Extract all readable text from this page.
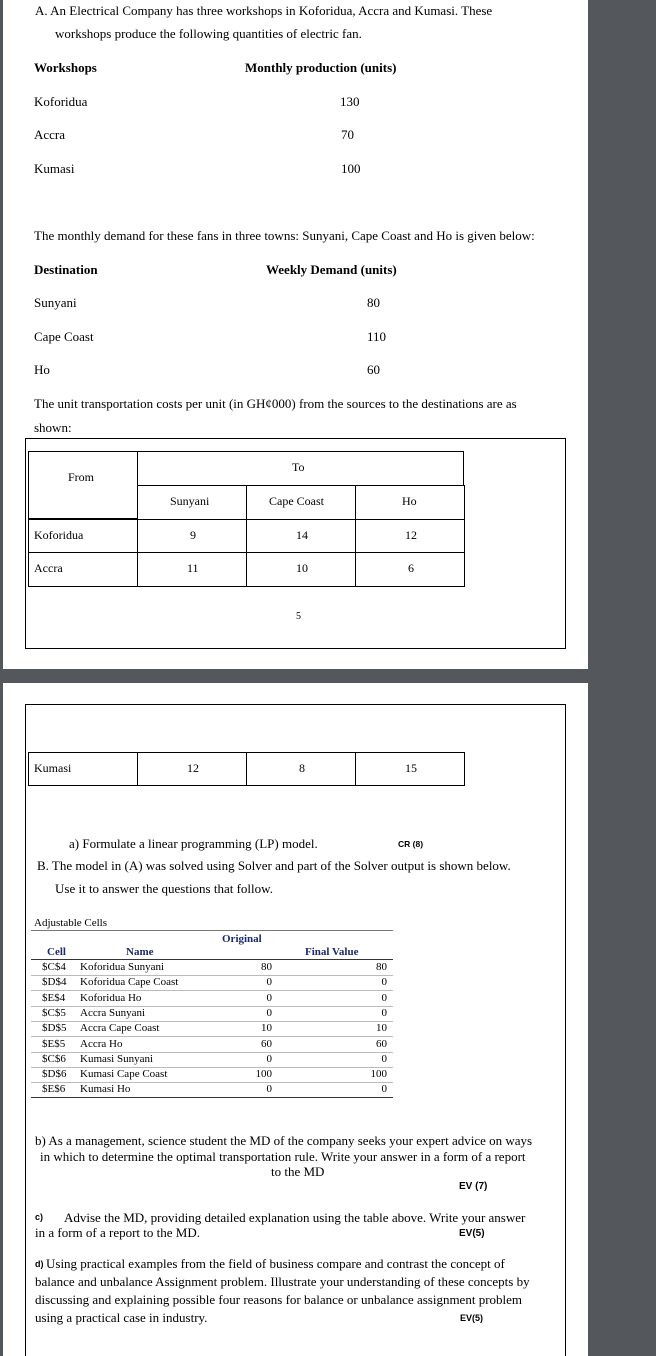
A. An Electrical Company has three workshops in Koforidua, Accra and Kumasi. These
workshops produce the following quantities of electric fan.
Workshops	Monthly production (units)
Koforidua	130
Accra	70
Kumasi	100
The monthly demand for these fans in three towns: Sunyani, Cape Coast and Ho is given below:
Destination	Weekly Demand (units)
Sunyani	80
Cape Coast	110
Ho	60
The unit transportation costs per unit (in GH¢000) from the sources to the destinations are as
shown:
From
To
Sunyani	Cape Coast	Ho
Koforidua	9	14	12
Accra	11	10	6
5
Kumasi	12	8	15
a) Formulate a linear programming (LP) model.	CR (8)
B. The model in (A) was solved using Solver and part of the Solver output is shown below.
Use it to answer the questions that follow.
Adjustable Cells
Original
Cell	Name	Final Value
$C$4 Koforidua Sunyani	80	80
$D$4 Koforidua Cape Coast	0	0
$E$4 Koforidua Ho	0	0
$C$5 Accra Sunyani	0	0
$D$5 Accra Cape Coast	10	10
$E$5 Accra Ho	60	60
$C$6 Kumasi Sunyani	0	0
$D$6 Kumasi Cape Coast	100	100
$E$6 Kumasi Ho	0	0
b) As a management, science student the MD of the company seeks your expert advice on ways
in which to determine the optimal transportation rule. Write your answer in a form of a report
to the MD
EV (7)
c) Advise the MD, providing detailed explanation using the table above. Write your answer
in a form of a report to the MD.	EV(5)
d) Using practical examples from the field of business compare and contrast the concept of
balance and unbalance Assignment problem. Illustrate your understanding of these concepts by
discussing and explaining possible four reasons for balance or unbalance assignment problem
using a practical case in industry.	EV(5)
